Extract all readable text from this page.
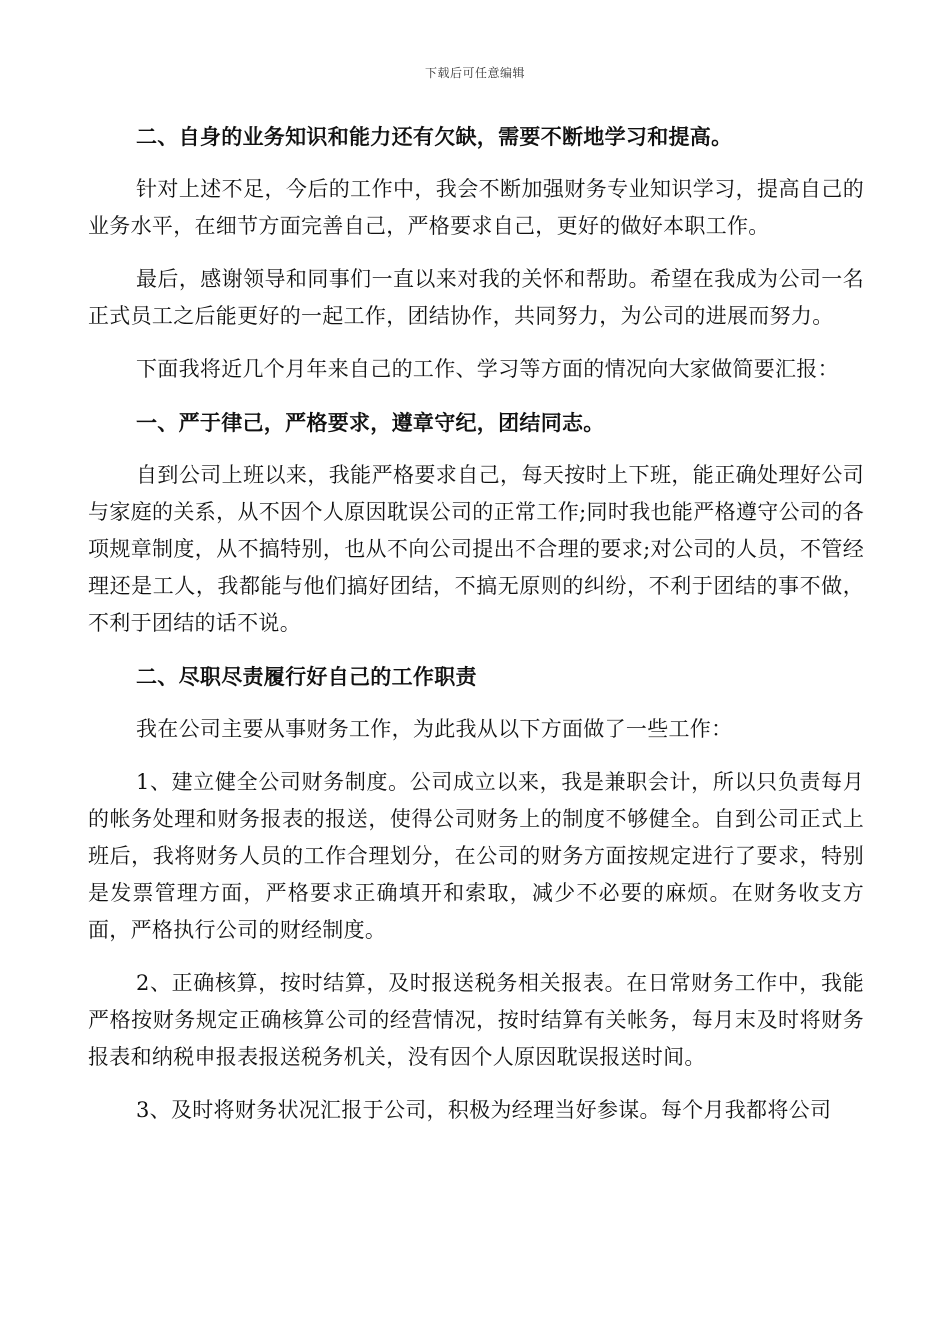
下载后可任意编辑

二、自身的业务知识和能力还有欠缺，需要不断地学习和提高。

针对上述不足，今后的工作中，我会不断加强财务专业知识学习，提高自己的业务水平，在细节方面完善自己，严格要求自己，更好的做好本职工作。

最后，感谢领导和同事们一直以来对我的关怀和帮助。希望在我成为公司一名正式员工之后能更好的一起工作，团结协作，共同努力，为公司的进展而努力。

下面我将近几个月年来自己的工作、学习等方面的情况向大家做简要汇报：

一、严于律己，严格要求，遵章守纪，团结同志。

自到公司上班以来，我能严格要求自己，每天按时上下班，能正确处理好公司与家庭的关系，从不因个人原因耽误公司的正常工作;同时我也能严格遵守公司的各项规章制度，从不搞特别，也从不向公司提出不合理的要求;对公司的人员，不管经理还是工人，我都能与他们搞好团结，不搞无原则的纠纷，不利于团结的事不做，不利于团结的话不说。

二、尽职尽责履行好自己的工作职责

我在公司主要从事财务工作，为此我从以下方面做了一些工作：

1、建立健全公司财务制度。公司成立以来，我是兼职会计，所以只负责每月的帐务处理和财务报表的报送，使得公司财务上的制度不够健全。自到公司正式上班后，我将财务人员的工作合理划分，在公司的财务方面按规定进行了要求，特别是发票管理方面，严格要求正确填开和索取，减少不必要的麻烦。在财务收支方面，严格执行公司的财经制度。

2、正确核算，按时结算，及时报送税务相关报表。在日常财务工作中，我能严格按财务规定正确核算公司的经营情况，按时结算有关帐务，每月末及时将财务报表和纳税申报表报送税务机关，没有因个人原因耽误报送时间。

3、及时将财务状况汇报于公司，积极为经理当好参谋。每个月我都将公司
